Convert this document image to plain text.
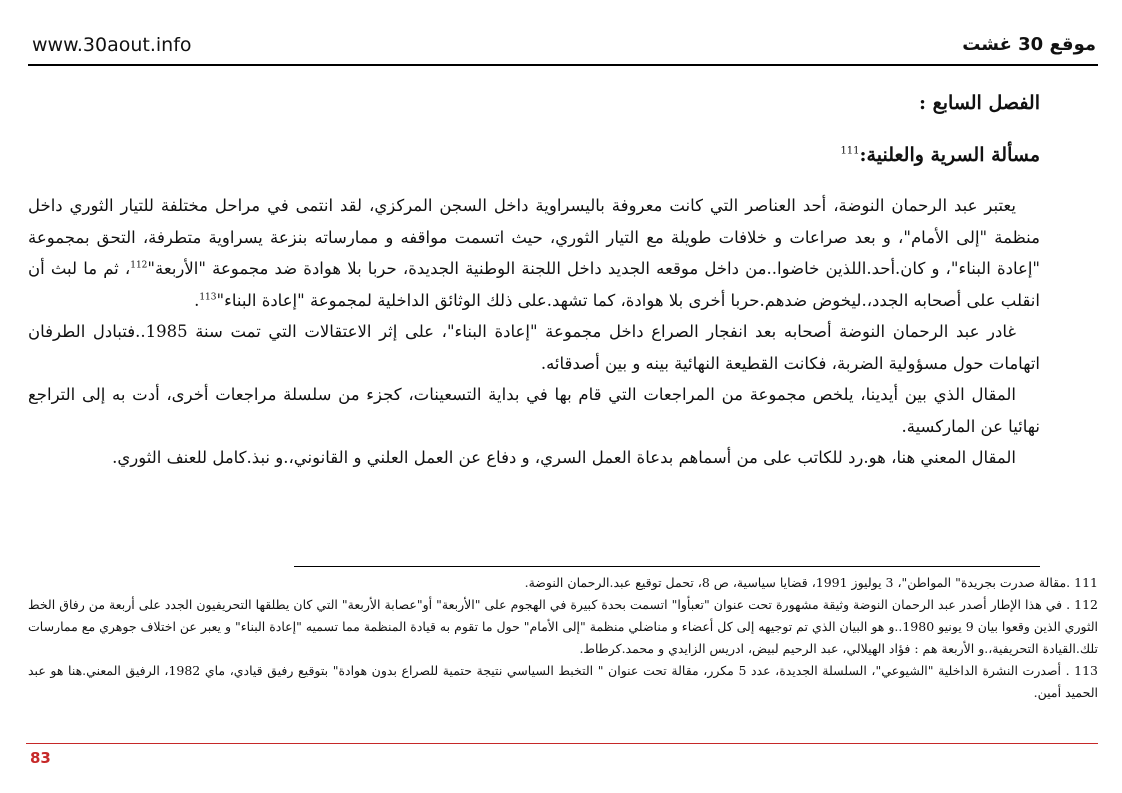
www.30aout.info	موقع 30 غشت
الفصل السابع :
مسألة السرية والعلنية:$^{111}$

يعتبر عبد الرحمان النوضة، أحد العناصر التي كانت معروفة باليسراوية داخل السجن المركزي، لقد انتمى في مراحل مختلفة للتيار الثوري داخل منظمة "إلى الأمام"، و بعد صراعات و خلافات طويلة مع التيار الثوري، حيث اتسمت مواقفه و ممارساته بنزعة يسراوية متطرفة، التحق بمجموعة "إعادة البناء"، و كان.أحد.اللذين خاضوا..من داخل موقعه الجديد داخل اللجنة الوطنية الجديدة، حربا بلا هوادة ضد مجموعة "الأربعة"$^{112}$، ثم ما لبث أن انقلب على أصحابه الجدد،.ليخوض ضدهم.حربا أخرى بلا هوادة، كما تشهد.على ذلك الوثائق الداخلية لمجموعة "إعادة البناء"$^{113}$.

غادر عبد الرحمان النوضة أصحابه بعد انفجار الصراع داخل مجموعة "إعادة البناء"، على إثر الاعتقالات التي تمت سنة 1985..فتبادل الطرفان اتهامات حول مسؤولية الضربة، فكانت القطيعة النهائية بينه و بين أصدقائه.

المقال الذي بين أيدينا، يلخص مجموعة من المراجعات التي قام بها في بداية التسعينات، كجزء من سلسلة مراجعات أخرى، أدت به إلى التراجع نهائيا عن الماركسية.

المقال المعني هنا، هو.رد للكاتب على من أسماهم بدعاة العمل السري، و دفاع عن العمل العلني و القانوني،.و نبذ.كامل للعنف الثوري.

111 .مقالة صدرت بجريدة" المواطن"، 3 يوليوز 1991، قضايا سياسية، ص 8، تحمل توقيع عبد.الرحمان النوضة.

112 . في هذا الإطار أصدر عبد الرحمان النوضة وثيقة مشهورة تحت عنوان "تعبأوا" اتسمت بحدة كبيرة في الهجوم على "الأربعة" أو"عصابة الأربعة" التي كان يطلقها التحريفيون الجدد على أربعة من رفاق الخط الثوري الذين وقعوا بيان 9 يونيو 1980..و هو البيان الذي تم توجيهه إلى كل أعضاء و مناضلي منظمة "إلى الأمام" حول ما تقوم به قيادة المنظمة مما تسميه "إعادة البناء" و يعبر عن اختلاف جوهري مع ممارسات تلك.القيادة التحريفية،.و الأربعة هم : فؤاد الهيلالي، عبد الرحيم لبيض، ادريس الزايدي و محمد.كرطاط.

113 . أصدرت النشرة الداخلية "الشيوعي"، السلسلة الجديدة، عدد 5 مكرر، مقالة تحت عنوان " التخبط السياسي نتيجة حتمية للصراع بدون هوادة" بتوقيع رفيق قيادي، ماي 1982، الرفيق المعني.هنا هو عبد الحميد أمين.

83
